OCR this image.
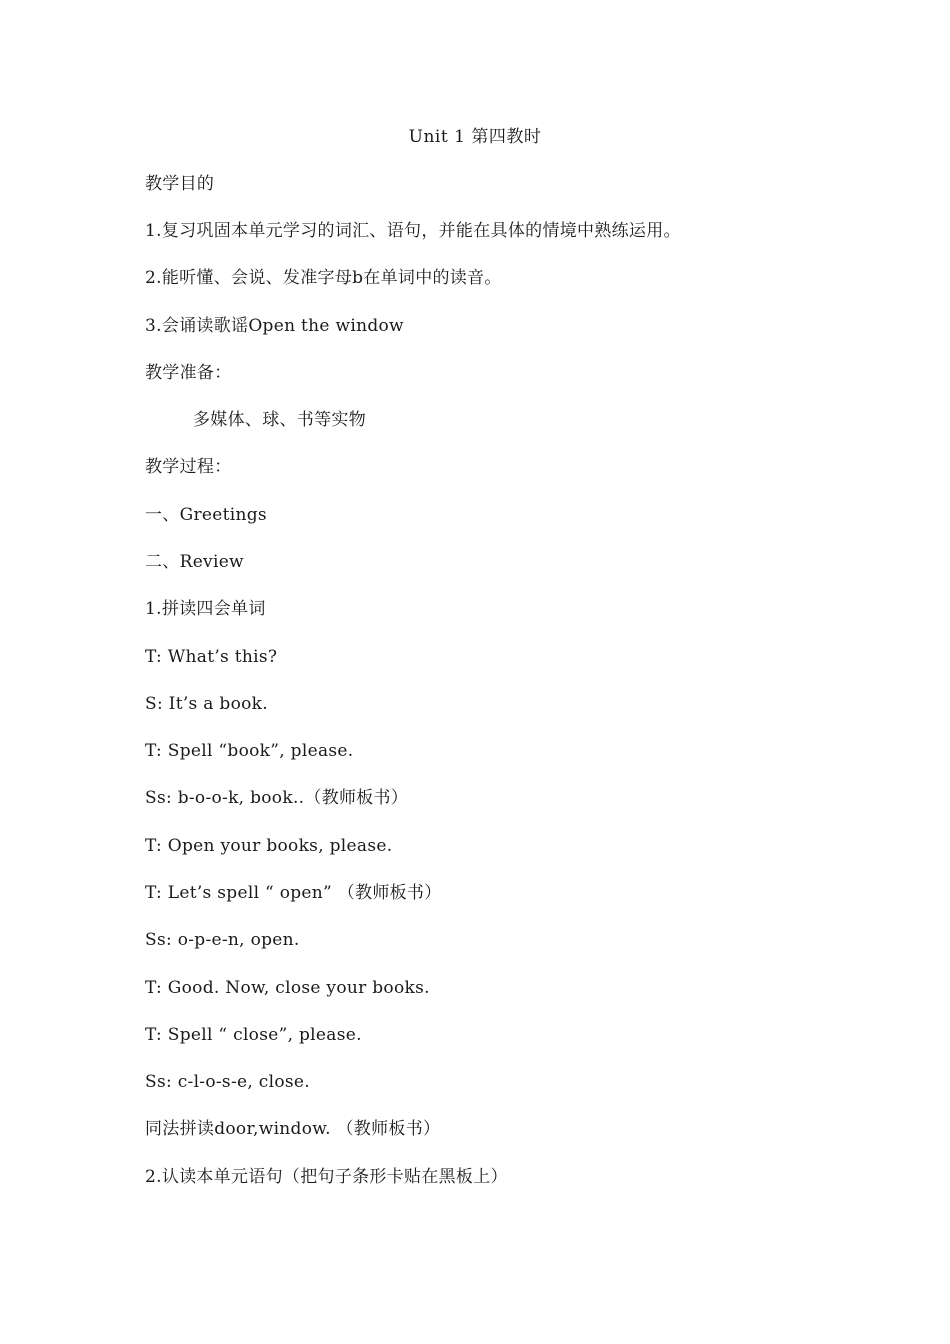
Unit 1 第四教时
教学目的
1.复习巩固本单元学习的词汇、语句，并能在具体的情境中熟练运用。
2.能听懂、会说、发准字母b在单词中的读音。
3.会诵读歌谣Open the window
教学准备：
多媒体、球、书等实物
教学过程：
一、Greetings
二、Review
1.拼读四会单词
T: What’s this?
S: It’s a book.
T: Spell “book”, please.
Ss: b-o-o-k, book..（教师板书）
T: Open your books, please.
T: Let’s spell “ open” （教师板书）
Ss: o-p-e-n, open.
T: Good. Now, close your books.
T: Spell “ close”, please.
Ss: c-l-o-s-e, close.
同法拼读door,window. （教师板书）
2.认读本单元语句（把句子条形卡贴在黑板上）
